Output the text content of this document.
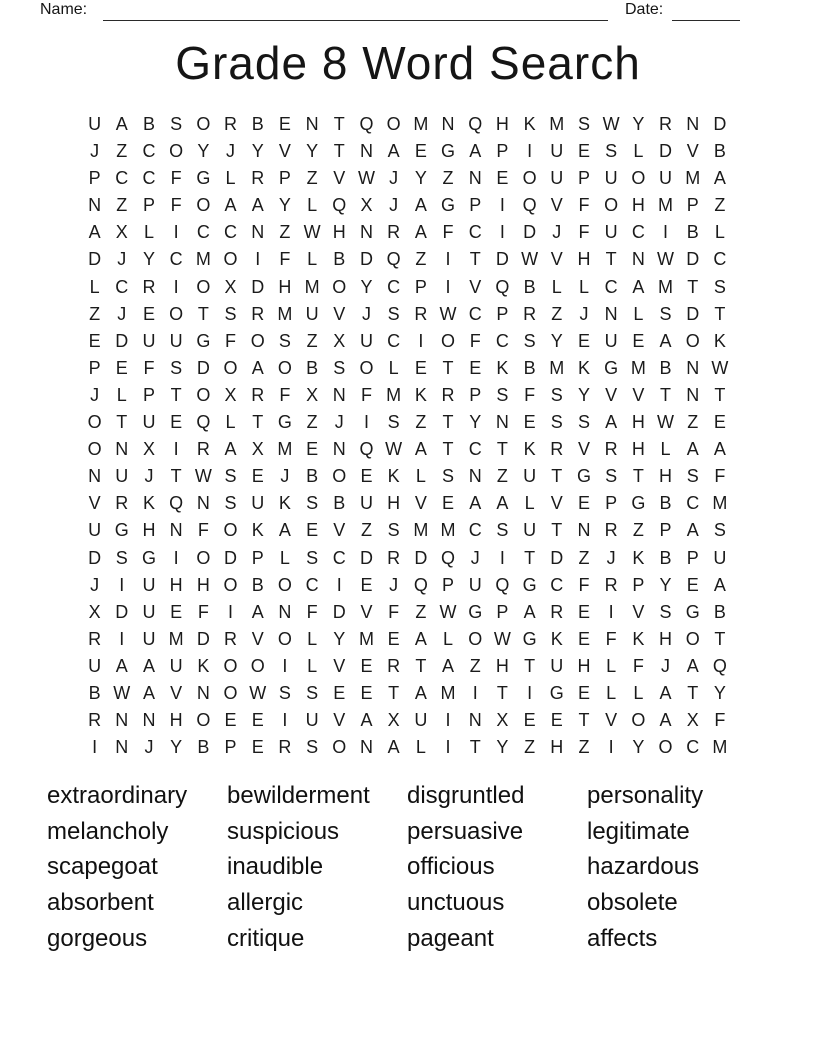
Name:	Date:
Grade 8 Word Search
U A B S O R B E N T Q O M N Q H K M S W Y R N D
J Z C O Y J Y V Y T N A E G A P	I	U E S L D V B
P C C F G L R P Z V W J Y Z N E O U P U O U M A
N Z P F O A A Y L Q X J A G P	I Q V F O H M P Z
A X L	I	C C N Z W H N R A F C	I	D J F U C	I	B L
D J Y C M O I	F L B D Q Z	I	T D W V H T N W D C
L C R	I O X D H M O Y C P	I	V Q B L L C A M T S
Z J E O T S R M U V J S R W C P R Z J N L S D T
E D U U G F O S Z X U C	I O F C S Y E U E A O K
P E F S D O A O B S O L E T E K B M K G M B N W
J L P T O X R F X N F M K R P S F S Y V V T N T
O T U E Q L T G Z J	I	S Z T Y N E S S A H W Z E
O N X	I	R A X M E N Q W A T C T K R V R H L A A
N U J T W S E J B O E K L S N Z U T G S T H S F
V R K Q N S U K S B U H V E A A L V E P G B C M
U G H N F O K A E V Z S M M C S U T N R Z P A S
D S G I O D P L S C D R D Q J	I	T D Z J K B P U
J	I	U H H O B O C	I	E J Q P U Q G C F R P Y E A
X D U E F	I	A N F D V F Z W G P A R E	I	V S G B
R	I	U M D R V O L Y M E A L O W G K E F K H O T
U A A U K O O I	L V E R T A Z H T U H L F J A Q
B W A V N O W S S E E T A M I	T	I G E L L A T Y
R N N H O E E	I	U V A X U	I	N X E E T V O A X F
I	N J Y B P E R S O N A L	I	T Y Z H Z	I	Y O C M
extraordinary
melancholy
scapegoat
absorbent
gorgeous
bewilderment
suspicious
inaudible
allergic
critique
disgruntled
persuasive
officious
unctuous
pageant
personality
legitimate
hazardous
obsolete
affects
